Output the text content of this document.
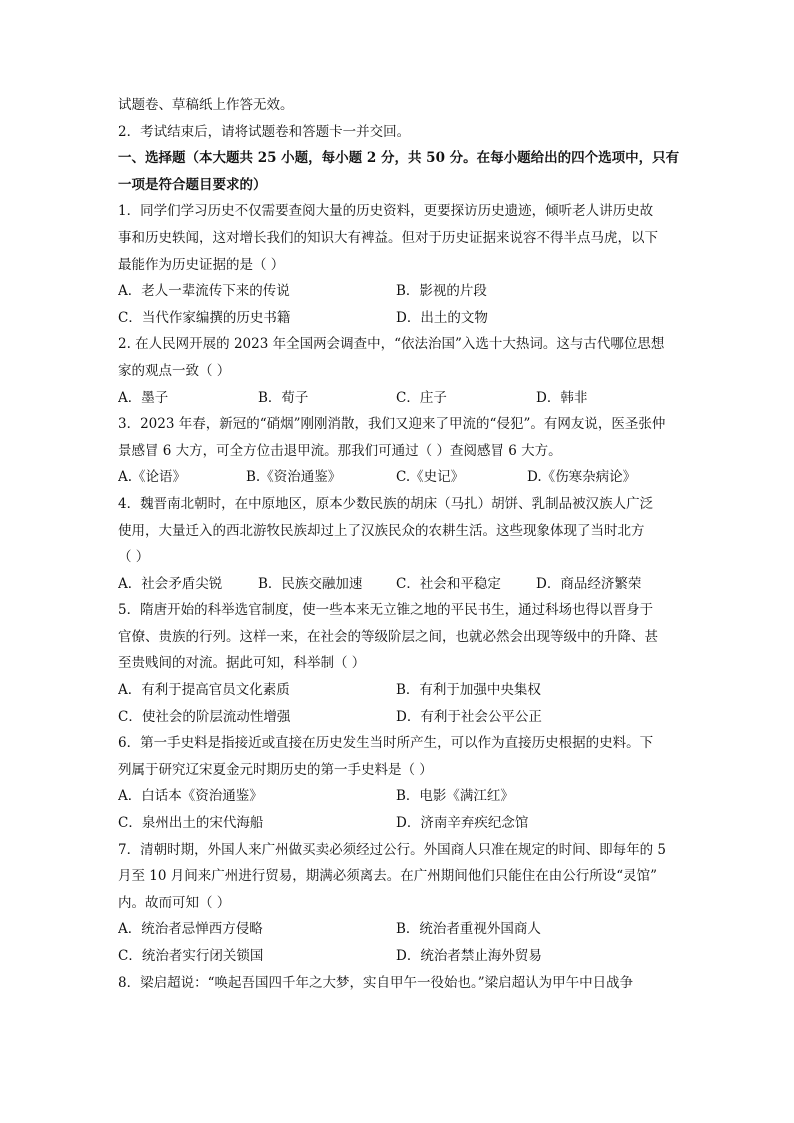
试题卷、草稿纸上作答无效。
2．考试结束后，请将试题卷和答题卡一并交回。
一、选择题（本大题共 25 小题，每小题 2 分，共 50 分。在每小题给出的四个选项中，只有
一项是符合题目要求的）
1．同学们学习历史不仅需要查阅大量的历史资料，更要探访历史遗迹，倾听老人讲历史故
事和历史轶闻，这对增长我们的知识大有裨益。但对于历史证据来说容不得半点马虎，以下
最能作为历史证据的是（ ）
A．老人一辈流传下来的传说	B．影视的片段
C．当代作家编撰的历史书籍	D．出土的文物
2. 在人民网开展的 2023 年全国两会调查中，“依法治国”入选十大热词。这与古代哪位思想
家的观点一致（ ）
A．墨子	B．荀子	C．庄子	D．韩非
3．2023 年春，新冠的“硝烟”刚刚消散，我们又迎来了甲流的“侵犯”。有网友说，医圣张仲
景感冒 6 大方，可全方位击退甲流。那我们可通过（ ）查阅感冒 6 大方。
A.《论语》	B.《资治通鉴》	C.《史记》	D.《伤寒杂病论》
4．魏晋南北朝时，在中原地区，原本少数民族的胡床（马扎）胡饼、乳制品被汉族人广泛
使用，大量迁入的西北游牧民族却过上了汉族民众的农耕生活。这些现象体现了当时北方
（ ）
A．社会矛盾尖锐	B．民族交融加速 C．社会和平稳定	D．商品经济繁荣
5．隋唐开始的科举选官制度，使一些本来无立锥之地的平民书生，通过科场也得以晋身于
官僚、贵族的行列。这样一来，在社会的等级阶层之间，也就必然会出现等级中的升降、甚
至贵贱间的对流。据此可知，科举制（ ）
A．有利于提高官员文化素质	B．有利于加强中央集权
C．使社会的阶层流动性增强	D．有利于社会公平公正
6．第一手史料是指接近或直接在历史发生当时所产生，可以作为直接历史根据的史料。下
列属于研究辽宋夏金元时期历史的第一手史料是（ ）
A．白话本《资治通鉴》	B．电影《满江红》
C．泉州出土的宋代海船	D．济南辛弃疾纪念馆
7．清朝时期，外国人来广州做买卖必须经过公行。外国商人只准在规定的时间、即每年的 5
月至 10 月间来广州进行贸易，期满必须离去。在广州期间他们只能住在由公行所设“灵馆”
内。故而可知（ ）
A．统治者忌惮西方侵略	B．统治者重视外国商人
C．统治者实行闭关锁国	D．统治者禁止海外贸易
8．梁启超说：“唤起吾国四千年之大梦，实自甲午一役始也。”梁启超认为甲午中日战争
